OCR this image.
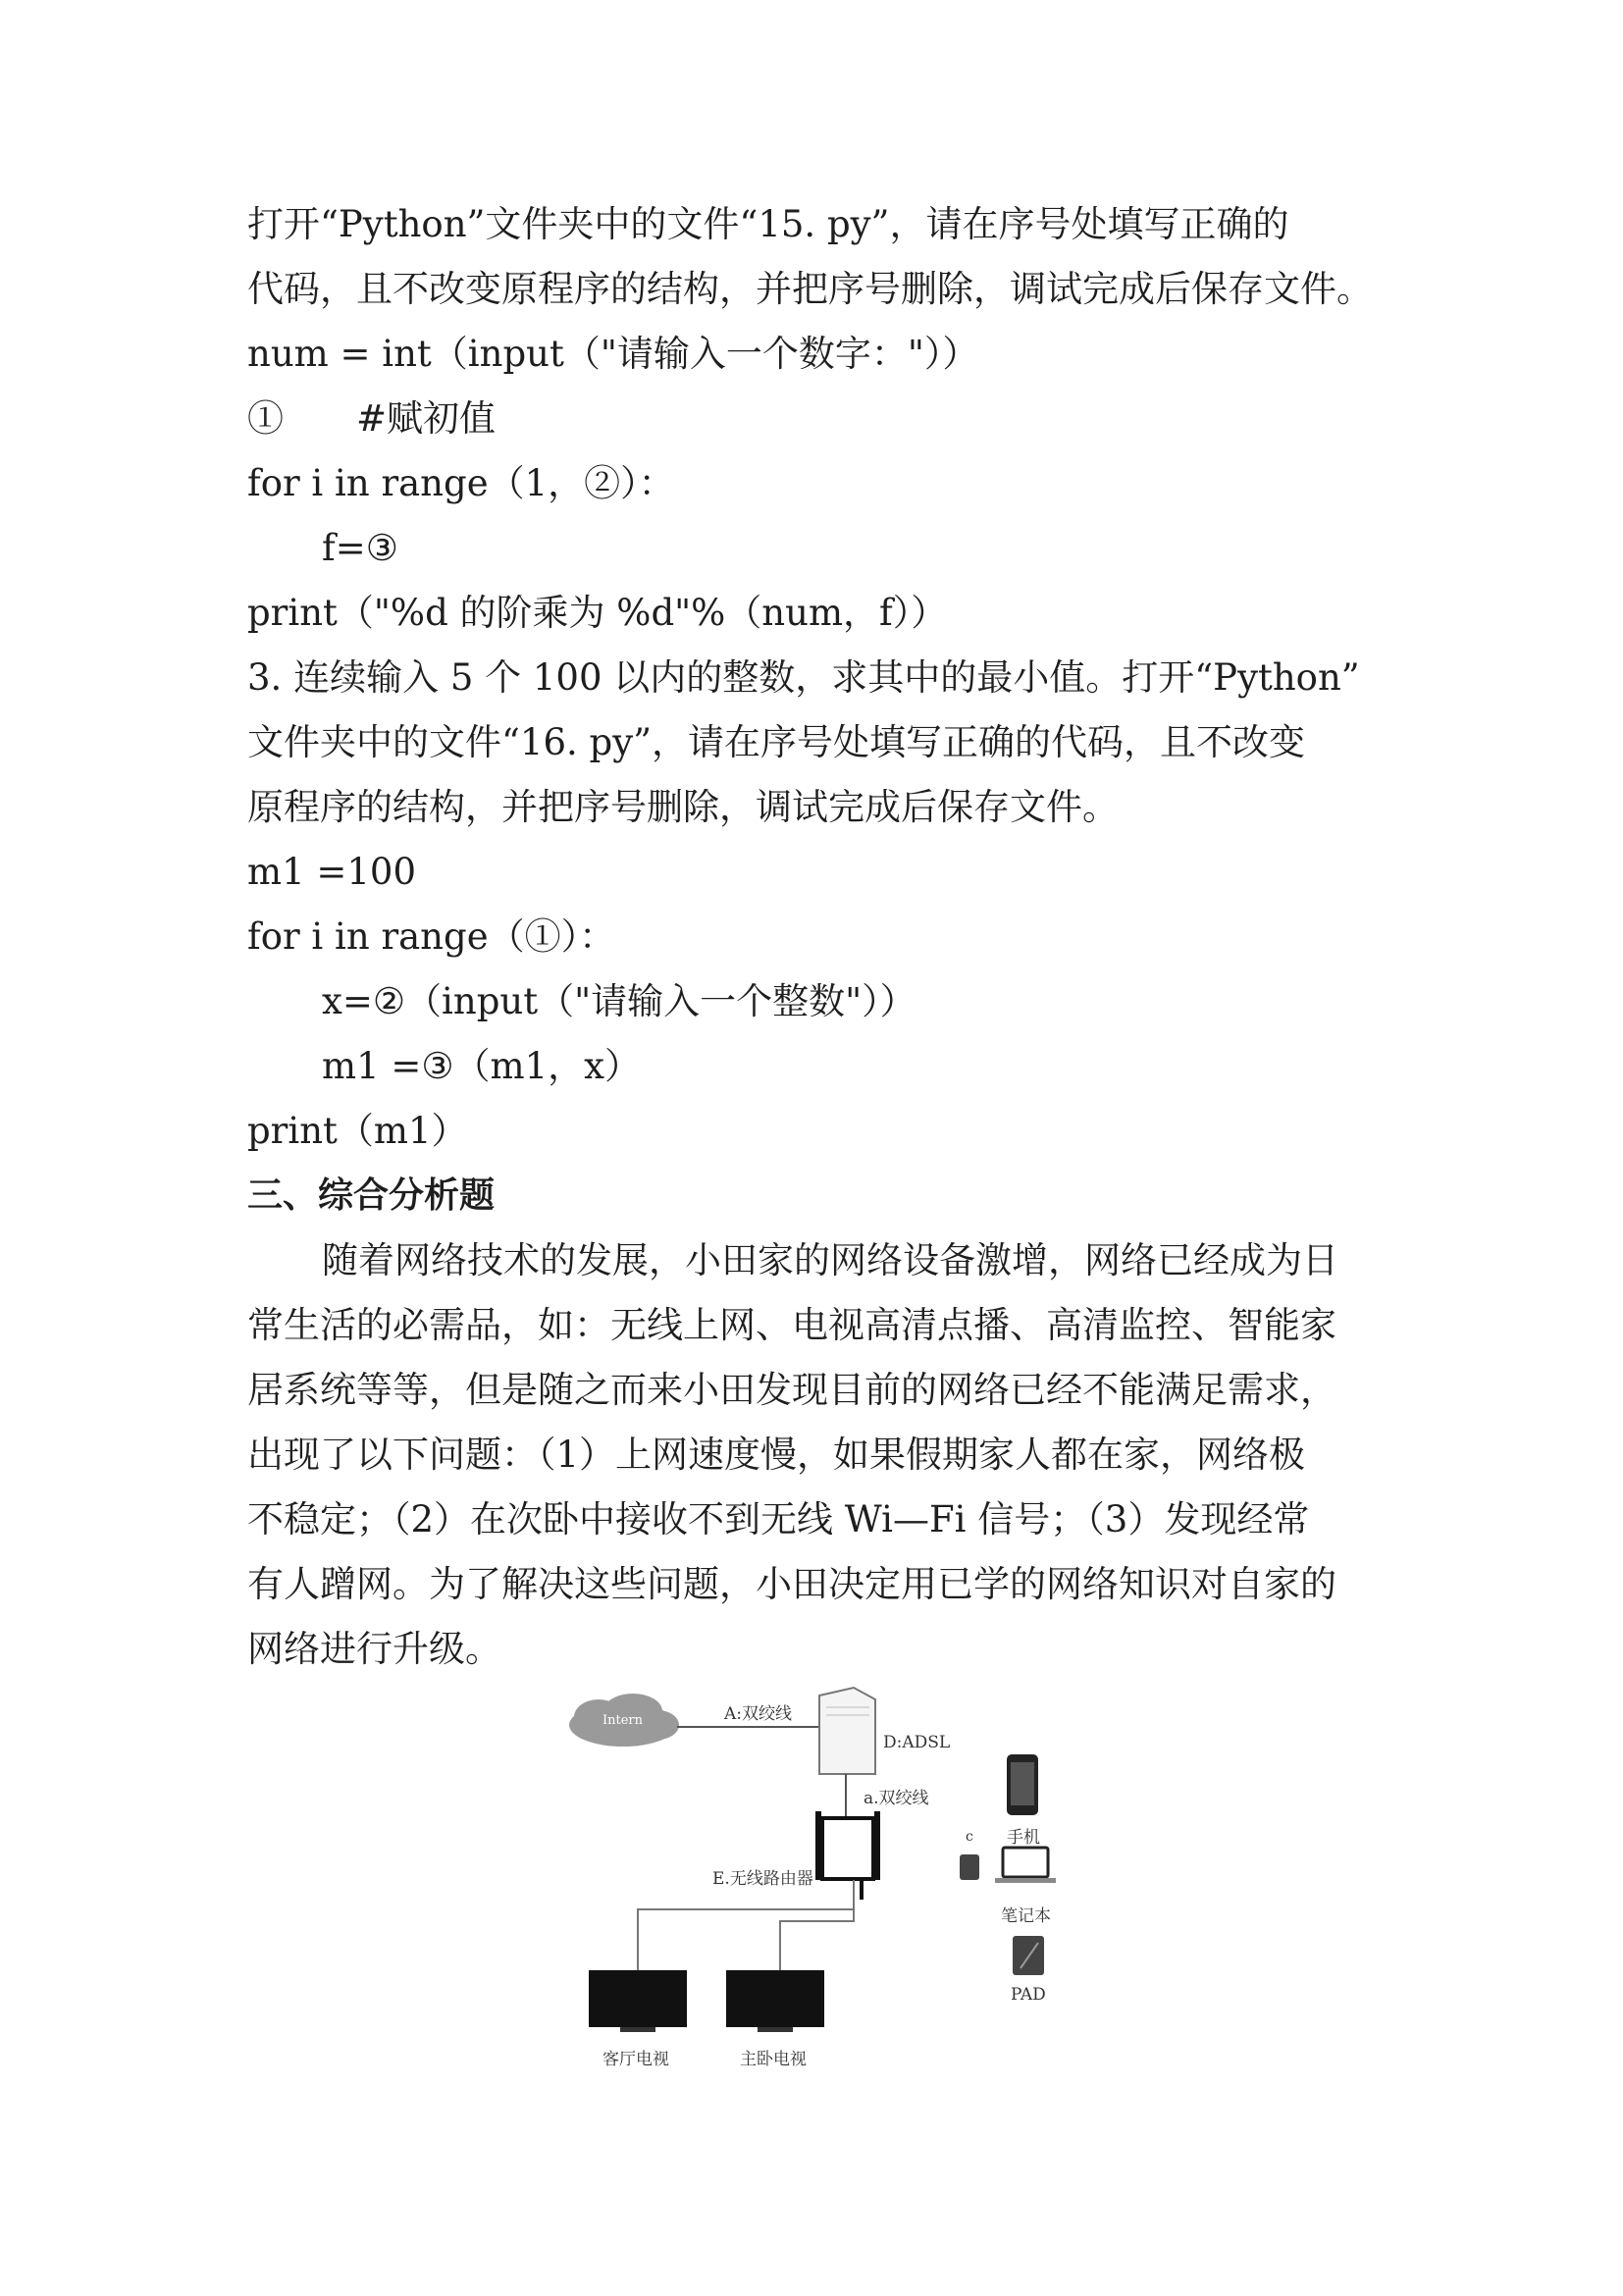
打开“Python”文件夹中的文件“15. py”，请在序号处填写正确的

代码，且不改变原程序的结构，并把序号删除，调试完成后保存文件。

num = int（input（"请输入一个数字："））

①　　#赋初值

for i in range（1，②）：

f=③

print（"%d 的阶乘为 %d"%（num，f））

3. 连续输入 5 个 100 以内的整数，求其中的最小值。打开“Python”

文件夹中的文件“16. py”，请在序号处填写正确的代码，且不改变

原程序的结构，并把序号删除，调试完成后保存文件。

m1 =100

for i in range（①）：

x=②（input（"请输入一个整数"））

m1 =③（m1，x）

print（m1）

三、综合分析题

随着网络技术的发展，小田家的网络设备激增，网络已经成为日

常生活的必需品，如：无线上网、电视高清点播、高清监控、智能家

居系统等等，但是随之而来小田发现目前的网络已经不能满足需求，

出现了以下问题：（1）上网速度慢，如果假期家人都在家，网络极

不稳定；（2）在次卧中接收不到无线 Wi—Fi 信号；（3）发现经常

有人蹭网。为了解决这些问题，小田决定用已学的网络知识对自家的

网络进行升级。

Intern	A:双绞线
D:ADSL
a.双绞线
E.无线路由器
c 手机
笔记本
PAD
客厅电视	主卧电视
